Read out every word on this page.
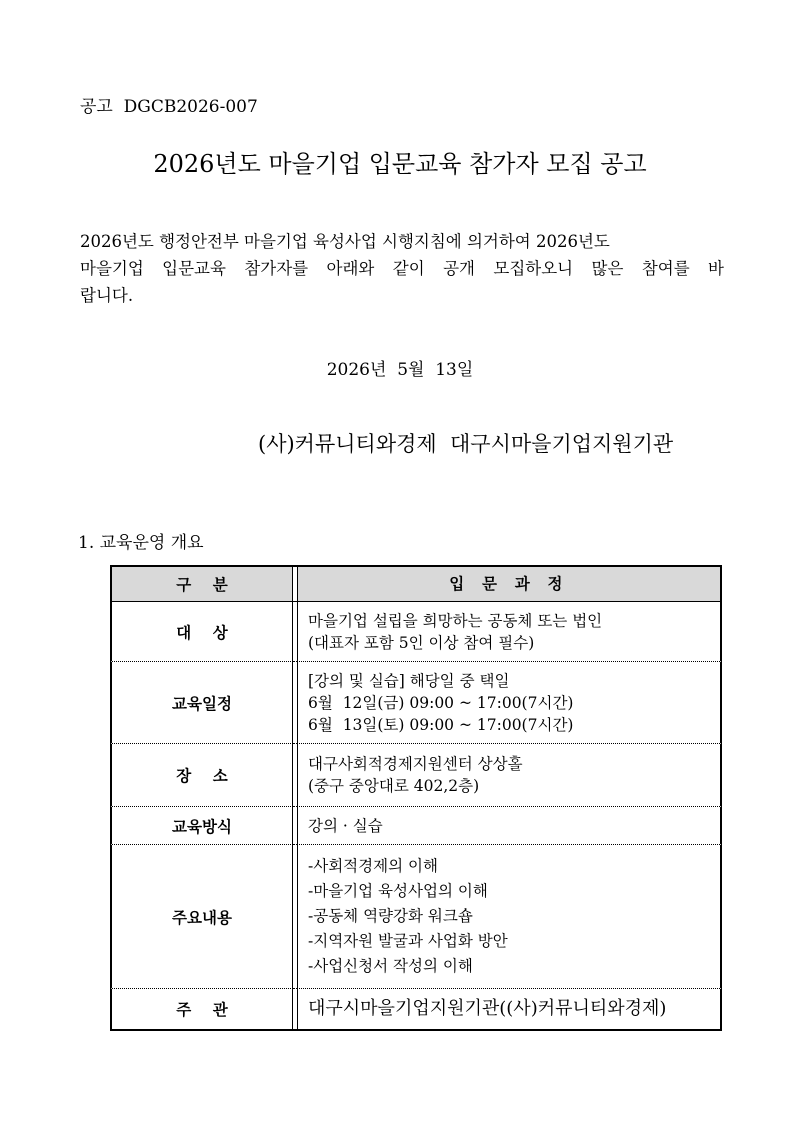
공고  DGCB2026-007
2026년도 마을기업 입문교육 참가자 모집 공고
2026년도 행정안전부 마을기업 육성사업 시행지침에 의거하여 2026년도
마을기업 입문교육 참가자를 아래와 같이 공개 모집하오니 많은 참여를 바
랍니다.
2026년  5월  13일
(사)커뮤니티와경제  대구시마을기업지원기관
1. 교육운영 개요
구    분		입 문 과 정
대    상		마을기업 설립을 희망하는 공동체 또는 법인
(대표자 포함 5인 이상 참여 필수)

교육일정		[강의 및 실습] 해당일 중 택일
6월  12일(금) 09:00 ~ 17:00(7시간)
6월  13일(토) 09:00 ~ 17:00(7시간)

장    소		대구사회적경제지원센터 상상홀
(중구 중앙대로 402,2층)

교육방식		강의 · 실습

주요내용		-사회적경제의 이해
-마을기업 육성사업의 이해
-공동체 역량강화 워크숍
-지역자원 발굴과 사업화 방안
-사업신청서 작성의 이해

주    관		대구시마을기업지원기관((사)커뮤니티와경제)
